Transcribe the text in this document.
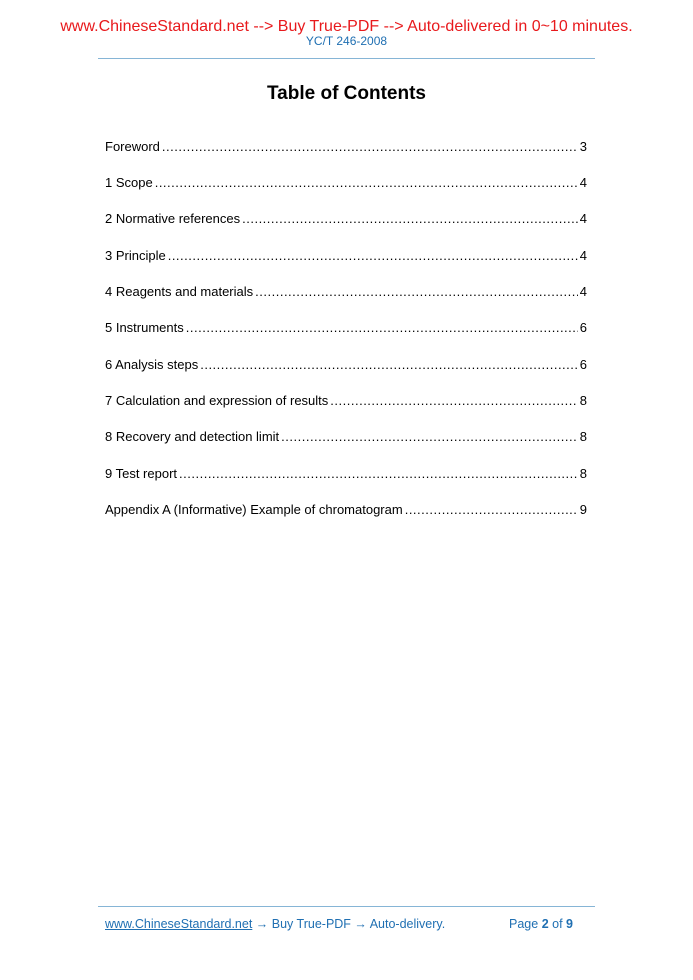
www.ChineseStandard.net --> Buy True-PDF --> Auto-delivered in 0~10 minutes.
YC/T 246-2008
Table of Contents
Foreword .....	3
1 Scope .....	4
2 Normative references .....	4
3 Principle .....	4
4 Reagents and materials .....	4
5 Instruments .....	6
6 Analysis steps .....	6
7 Calculation and expression of results .....	8
8 Recovery and detection limit .....	8
9 Test report .....	8
Appendix A (Informative) Example of chromatogram .....	9
www.ChineseStandard.net → Buy True-PDF → Auto-delivery.	Page 2 of 9
